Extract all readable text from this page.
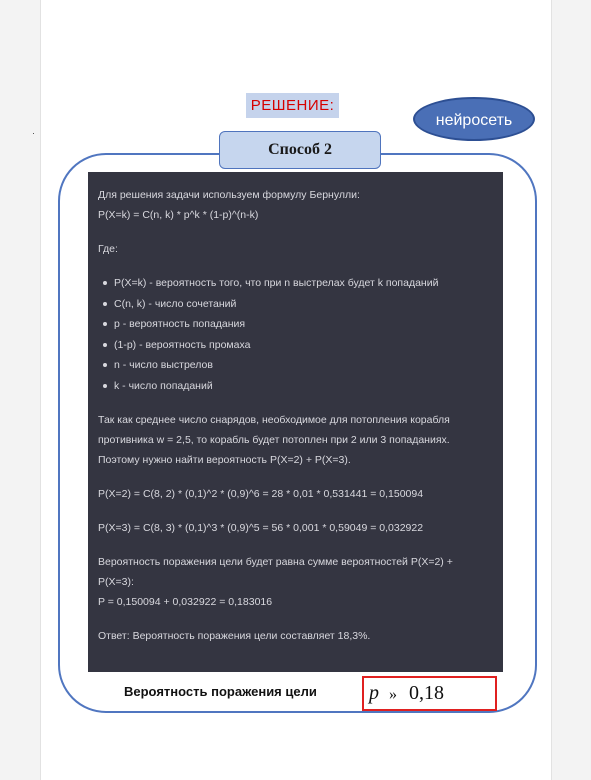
РЕШЕНИЕ:
нейросеть
Способ 2
Для решения задачи используем формулу Бернулли:
P(X=k) = C(n, k) * p^k * (1-p)^(n-k)
Где:
P(X=k) - вероятность того, что при n выстрелах будет k попаданий
C(n, k) - число сочетаний
p - вероятность попадания
(1-p) - вероятность промаха
n - число выстрелов
k - число попаданий
Так как среднее число снарядов, необходимое для потопления корабля
противника w = 2,5, то корабль будет потоплен при 2 или 3 попаданиях.
Поэтому нужно найти вероятность P(X=2) + P(X=3).
P(X=2) = C(8, 2) * (0,1)^2 * (0,9)^6 = 28 * 0,01 * 0,531441 = 0,150094
P(X=3) = C(8, 3) * (0,1)^3 * (0,9)^5 = 56 * 0,001 * 0,59049 = 0,032922
Вероятность поражения цели будет равна сумме вероятностей P(X=2) +
P(X=3):
P = 0,150094 + 0,032922 = 0,183016
Ответ: Вероятность поражения цели составляет 18,3%.
Вероятность поражения цели	p » 0,18
